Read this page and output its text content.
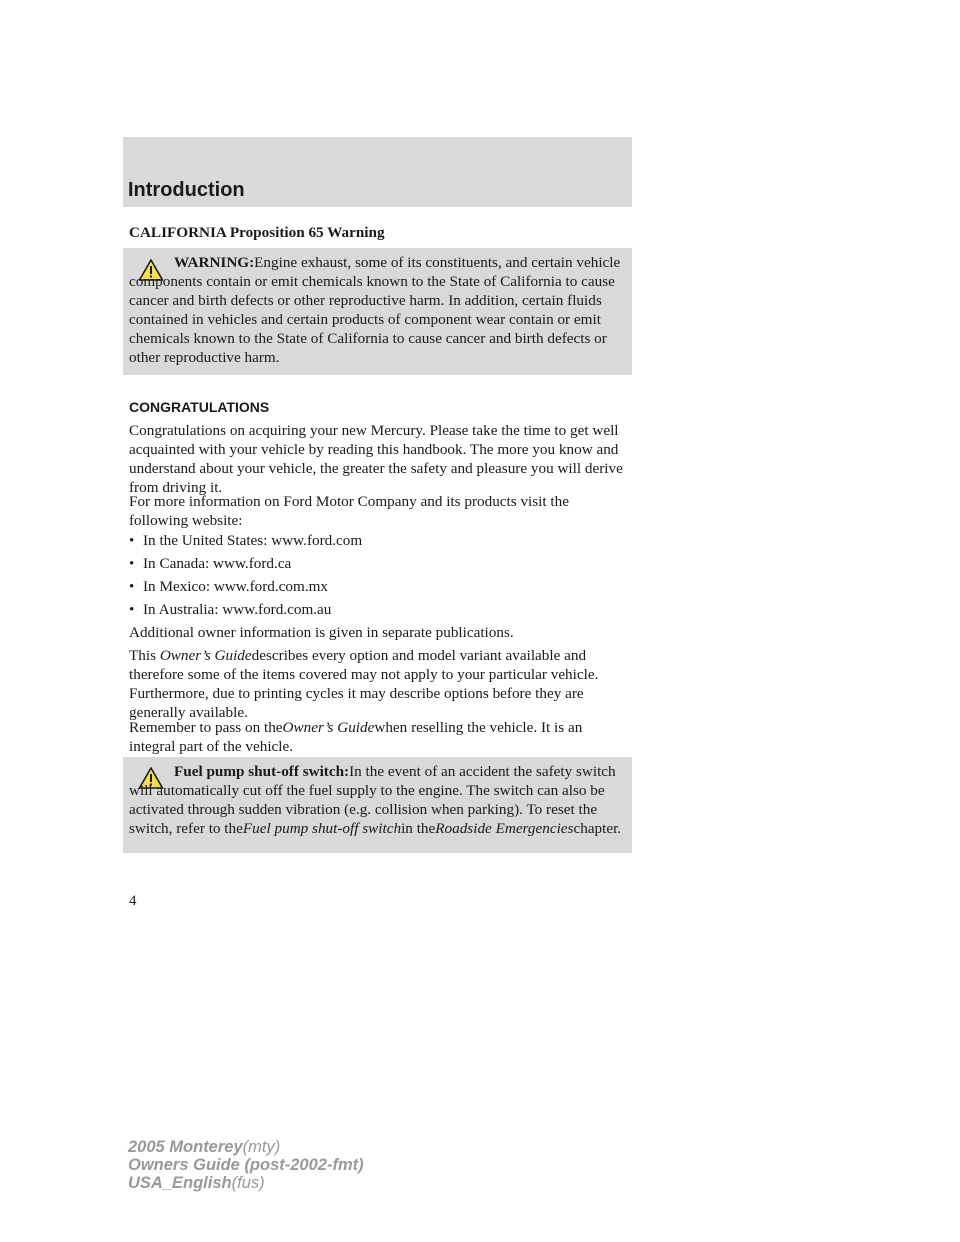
Introduction

CALIFORNIA Proposition 65 Warning

WARNING:Engine exhaust, some of its constituents, and certain vehicle components contain or emit chemicals known to the State of California to cause cancer and birth defects or other reproductive harm. In addition, certain fluids contained in vehicles and certain products of component wear contain or emit chemicals known to the State of California to cause cancer and birth defects or other reproductive harm.

CONGRATULATIONS

Congratulations on acquiring your new Mercury. Please take the time to get well acquainted with your vehicle by reading this handbook. The more you know and understand about your vehicle, the greater the safety and pleasure you will derive from driving it.

For more information on Ford Motor Company and its products visit the following website:

• In the United States: www.ford.com
• In Canada: www.ford.ca
• In Mexico: www.ford.com.mx
• In Australia: www.ford.com.au

Additional owner information is given in separate publications.

This Owner’s Guidedescribes every option and model variant available and therefore some of the items covered may not apply to your particular vehicle. Furthermore, due to printing cycles it may describe options before they are generally available.

Remember to pass on theOwner’s Guidewhen reselling the vehicle. It is an integral part of the vehicle.

Fuel pump shut-off switch:In the event of an accident the safety switch will automatically cut off the fuel supply to the engine. The switch can also be activated through sudden vibration (e.g. collision when parking). To reset the switch, refer to theFuel pump shut-off switchin theRoadside Emergencieschapter.

4
2005 Monterey(mty)
Owners Guide (post-2002-fmt)
USA_English(fus)
